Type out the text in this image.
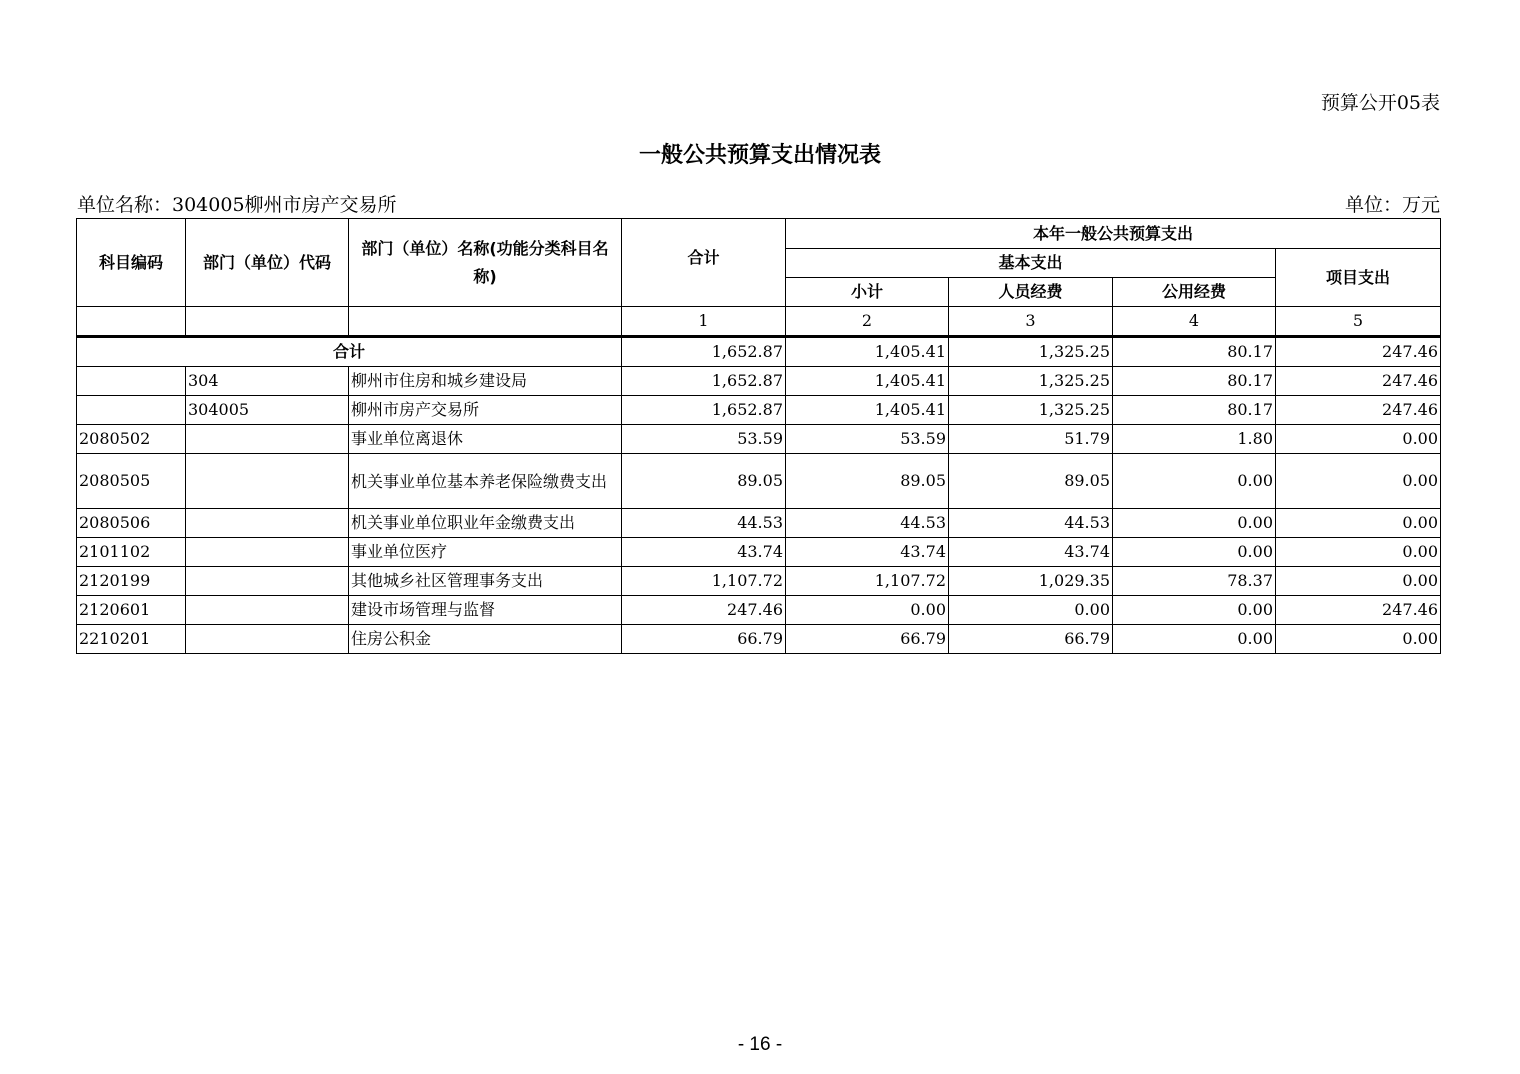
预算公开05表
一般公共预算支出情况表
单位名称：304005柳州市房产交易所	单位：万元
科目编码	部门（单位）代码	部门（单位）名称(功能分类科目名称)	合计	本年一般公共预算支出			
				基本支出			项目支出
				小计	人员经费	公用经费	
			1	2	3	4	5
合计			1,652.87	1,405.41	1,325.25	80.17	247.46
	304	柳州市住房和城乡建设局	1,652.87	1,405.41	1,325.25	80.17	247.46
	304005	柳州市房产交易所	1,652.87	1,405.41	1,325.25	80.17	247.46
2080502		事业单位离退休	53.59	53.59	51.79	1.80	0.00
2080505		机关事业单位基本养老保险缴费支出	89.05	89.05	89.05	0.00	0.00
2080506		机关事业单位职业年金缴费支出	44.53	44.53	44.53	0.00	0.00
2101102		事业单位医疗	43.74	43.74	43.74	0.00	0.00
2120199		其他城乡社区管理事务支出	1,107.72	1,107.72	1,029.35	78.37	0.00
2120601		建设市场管理与监督	247.46	0.00	0.00	0.00	247.46
2210201		住房公积金	66.79	66.79	66.79	0.00	0.00
- 16 -
